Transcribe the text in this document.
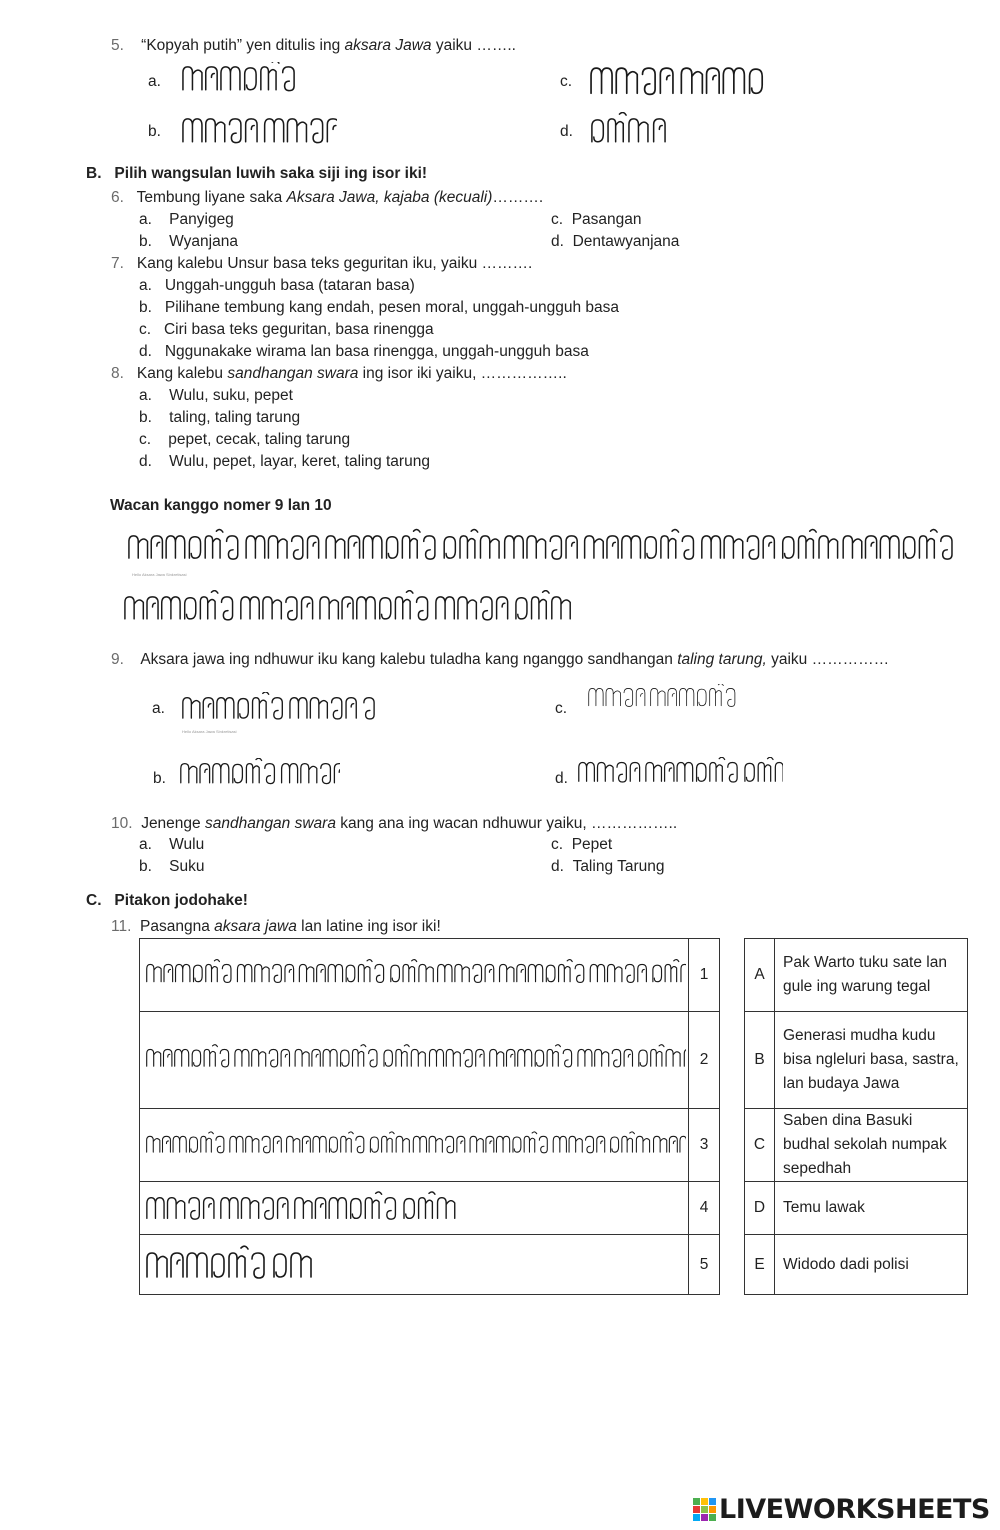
5. “Kopyah putih” yen ditulis ing aksara Jawa yaiku ……..
a.	c.
b.	d.
B. Pilih wangsulan luwih saka siji ing isor iki!
6. Tembung liyane saka Aksara Jawa, kajaba (kecuali)……….
a. Panyigeg
b. Wyanjana
c. Pasangan
d. Dentawyanjana
7. Kang kalebu Unsur basa teks geguritan iku, yaiku ……….
a. Unggah-ungguh basa (tataran basa)
b. Pilihane tembung kang endah, pesen moral, unggah-ungguh basa
c. Ciri basa teks geguritan, basa rinengga
d. Nggunakake wirama lan basa rinengga, unggah-ungguh basa
8. Kang kalebu sandhangan swara ing isor iki yaiku, ……………..
a. Wulu, suku, pepet
b. taling, taling tarung
c. pepet, cecak, taling tarung
d. Wulu, pepet, layar, keret, taling tarung
Wacan kanggo nomer 9 lan 10
Hello Aksara Jawa Sinkretisasi
9. Aksara jawa ing ndhuwur iku kang kalebu tuladha kang nganggo sandhangan taling tarung, yaiku ……………
a.
Hello Aksara Jawa Sinkretisasi
c.
b.	d.
10. Jenenge sandhangan swara kang ana ing wacan ndhuwur yaiku, ……………..
a. Wulu
b. Suku
c. Pepet
d. Taling Tarung
C. Pitakon jodohake!
11. Pasangna aksara jawa lan latine ing isor iki!
	1

	2

	3

	4

	5
A	Pak Warto tuku sate lan gule ing warung tegal
B	Generasi mudha kudu bisa ngleluri basa, sastra, lan budaya Jawa
C	Saben dina Basuki budhal sekolah numpak sepedhah
D	Temu lawak
E	Widodo dadi polisi
LIVEWORKSHEETS
